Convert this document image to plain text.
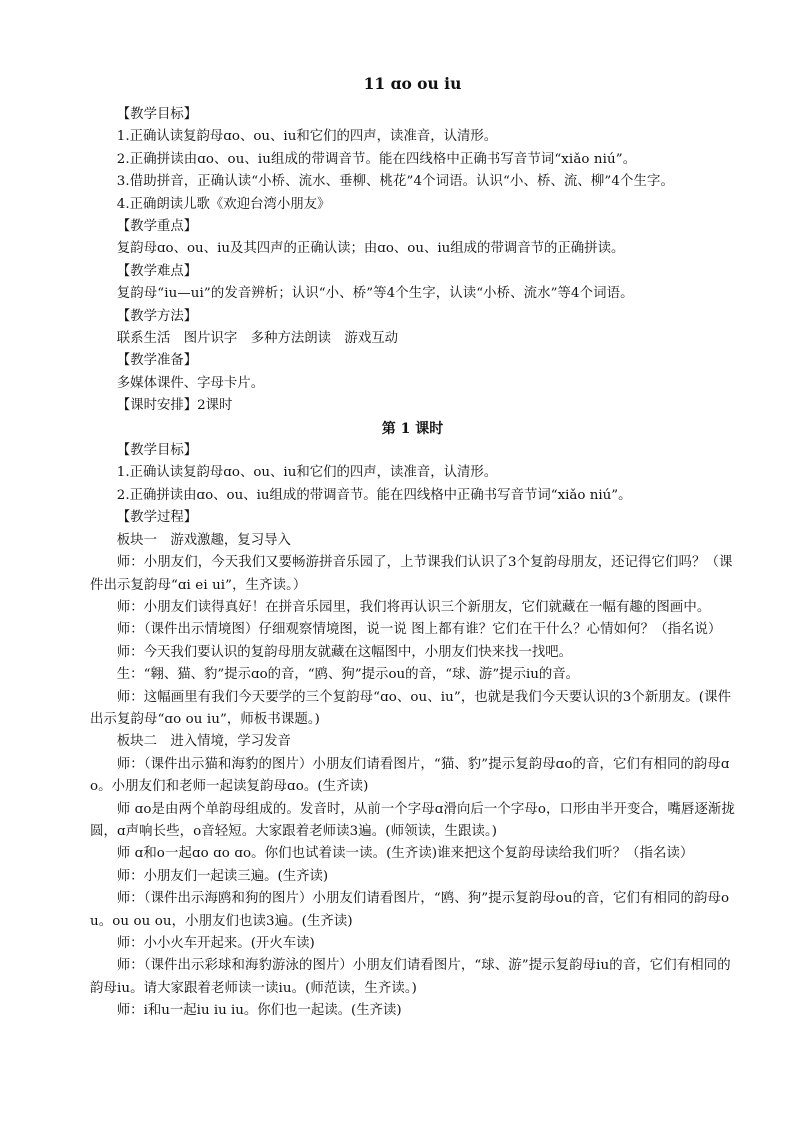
11 ɑo ou iu
【教学目标】
1.正确认读复韵母ɑo、ou、iu和它们的四声，读准音，认清形。
2.正确拼读由ɑo、ou、iu组成的带调音节。能在四线格中正确书写音节词“xiǎo niú”。
3.借助拼音，正确认读“小桥、流水、垂柳、桃花”4个词语。认识“小、桥、流、柳”4个生字。
4.正确朗读儿歌《欢迎台湾小朋友》
【教学重点】
复韵母ɑo、ou、iu及其四声的正确认读；由ɑo、ou、iu组成的带调音节的正确拼读。
【教学难点】
复韵母“iu—ui”的发音辨析；认识“小、桥”等4个生字，认读“小桥、流水”等4个词语。
【教学方法】
联系生活　图片识字　多种方法朗读　游戏互动
【教学准备】
多媒体课件、字母卡片。
【课时安排】2课时
第 1 课时
【教学目标】
1.正确认读复韵母ɑo、ou、iu和它们的四声，读准音，认清形。
2.正确拼读由ɑo、ou、iu组成的带调音节。能在四线格中正确书写音节词“xiǎo niú”。
【教学过程】
板块一　游戏激趣，复习导入
师：小朋友们，今天我们又要畅游拼音乐园了，上节课我们认识了3个复韵母朋友，还记得它们吗？（课件出示复韵母“ɑi ei ui”，生齐读。）
师：小朋友们读得真好！在拼音乐园里，我们将再认识三个新朋友，它们就藏在一幅有趣的图画中。
师：（课件出示情境图）仔细观察情境图，说一说 图上都有谁？它们在干什么？心情如何？（指名说）
师：今天我们要认识的复韵母朋友就藏在这幅图中，小朋友们快来找一找吧。
生：“翱、猫、豹”提示ɑo的音，“鸥、狗”提示ou的音，“球、游”提示iu的音。
师：这幅画里有我们今天要学的三个复韵母“ɑo、ou、iu”，也就是我们今天要认识的3个新朋友。(课件出示复韵母“ɑo ou iu”，师板书课题。)
板块二　进入情境，学习发音
师：（课件出示猫和海豹的图片）小朋友们请看图片，“猫、豹”提示复韵母ɑo的音，它们有相同的韵母ɑo。小朋友们和老师一起读复韵母ɑo。(生齐读)
师 ɑo是由两个单韵母组成的。发音时，从前一个字母ɑ滑向后一个字母o，口形由半开变合，嘴唇逐渐拢圆，ɑ声响长些，o音轻短。大家跟着老师读3遍。(师领读，生跟读。)
师 ɑ和o一起ɑo ɑo ɑo。你们也试着读一读。(生齐读)谁来把这个复韵母读给我们听？（指名读）
师：小朋友们一起读三遍。(生齐读)
师：（课件出示海鸥和狗的图片）小朋友们请看图片，“鸥、狗”提示复韵母ou的音，它们有相同的韵母ou。ou ou ou，小朋友们也读3遍。(生齐读)
师：小小火车开起来。(开火车读)
师：（课件出示彩球和海豹游泳的图片）小朋友们请看图片，“球、游”提示复韵母iu的音，它们有相同的韵母iu。请大家跟着老师读一读iu。(师范读，生齐读。)
师：i和u一起iu iu iu。你们也一起读。(生齐读)
